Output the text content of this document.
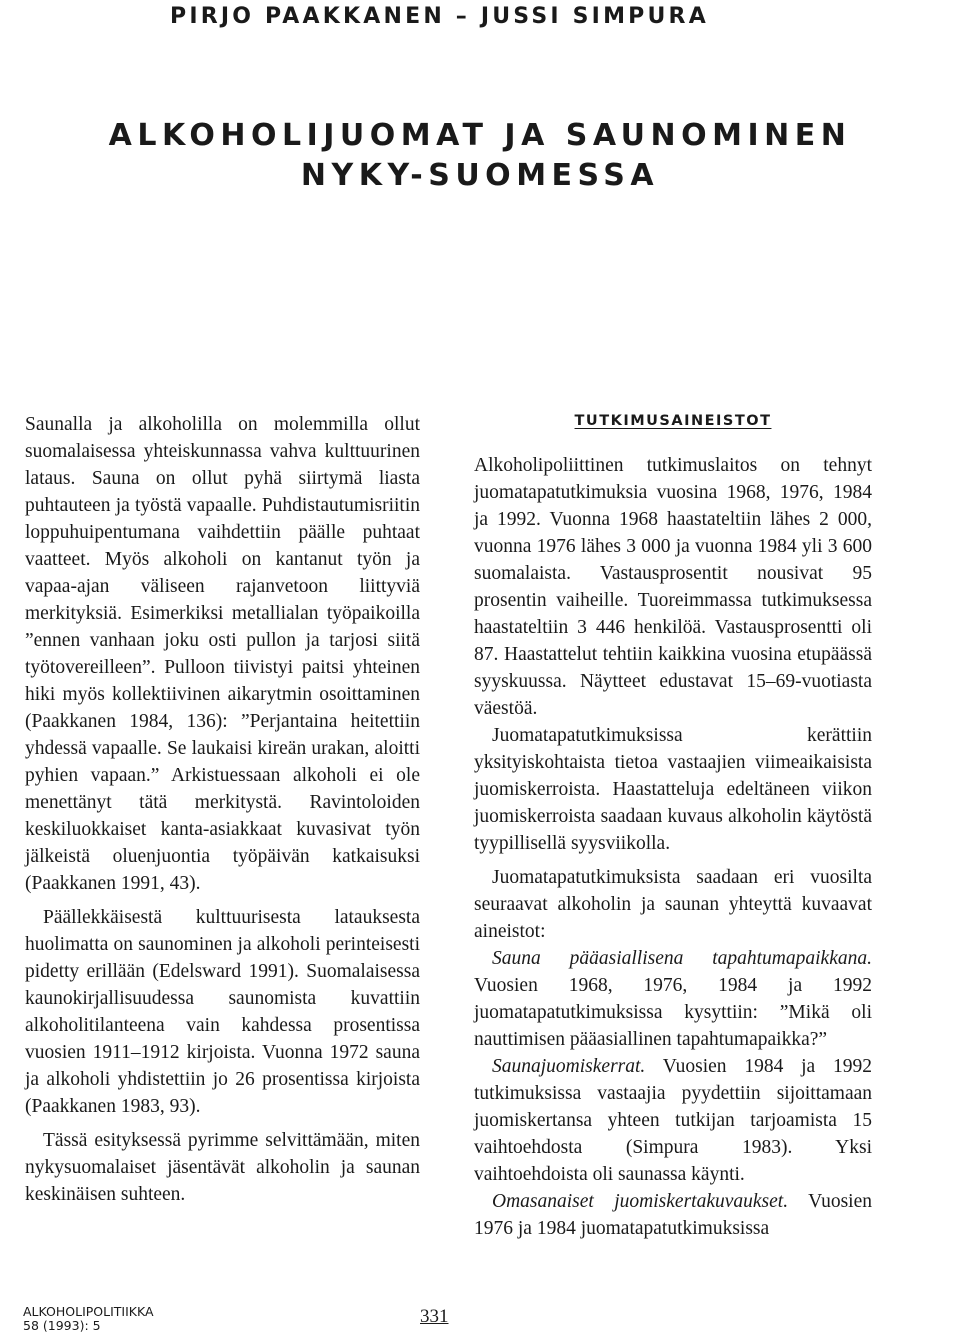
PIRJO PAAKKANEN – JUSSI SIMPURA

ALKOHOLIJUOMAT JA SAUNOMINEN
NYKY-SUOMESSA

Saunalla ja alkoholilla on molemmilla ollut suomalaisessa yhteiskunnassa vahva kulttuurinen lataus. Sauna on ollut pyhä siirtymä liasta puhtauteen ja työstä vapaalle. Puhdistautumisriitin loppuhuipentumana vaihdettiin päälle puhtaat vaatteet. Myös alkoholi on kantanut työn ja vapaa-ajan väliseen rajanvetoon liittyviä merkityksiä. Esimerkiksi metallialan työpaikoilla ”ennen vanhaan joku osti pullon ja tarjosi siitä työtovereilleen”. Pulloon tiivistyi paitsi yhteinen hiki myös kollektiivinen aikarytmin osoittaminen (Paakkanen 1984, 136): ”Perjantaina heitettiin yhdessä vapaalle. Se laukaisi kireän urakan, aloitti pyhien vapaan.” Arkistuessaan alkoholi ei ole menettänyt tätä merkitystä. Ravintoloiden keskiluokkaiset kanta-asiakkaat kuvasivat työn jälkeistä oluenjuontia työpäivän katkaisuksi (Paakkanen 1991, 43).

Päällekkäisestä kulttuurisesta latauksesta huolimatta on saunominen ja alkoholi perinteisesti pidetty erillään (Edelsward 1991). Suomalaisessa kaunokirjallisuudessa saunomista kuvattiin alkoholitilanteena vain kahdessa prosentissa vuosien 1911–1912 kirjoista. Vuonna 1972 sauna ja alkoholi yhdistettiin jo 26 prosentissa kirjoista (Paakkanen 1983, 93).

Tässä esityksessä pyrimme selvittämään, miten nykysuomalaiset jäsentävät alkoholin ja saunan keskinäisen suhteen.

TUTKIMUSAINEISTOT

Alkoholipoliittinen tutkimuslaitos on tehnyt juomatapatutkimuksia vuosina 1968, 1976, 1984 ja 1992. Vuonna 1968 haastateltiin lähes 2 000, vuonna 1976 lähes 3 000 ja vuonna 1984 yli 3 600 suomalaista. Vastausprosentit nousivat 95 prosentin vaiheille. Tuoreimmassa tutkimuksessa haastateltiin 3 446 henkilöä. Vastausprosentti oli 87. Haastattelut tehtiin kaikkina vuosina etupäässä syyskuussa. Näytteet edustavat 15–69-vuotiasta väestöä.

Juomatapatutkimuksissa kerättiin yksityiskohtaista tietoa vastaajien viimeaikaisista juomiskerroista. Haastatteluja edeltäneen viikon juomiskerroista saadaan kuvaus alkoholin käytöstä tyypillisellä syysviikolla.

Juomatapatutkimuksista saadaan eri vuosilta seuraavat alkoholin ja saunan yhteyttä kuvaavat aineistot:

Sauna pääasiallisena tapahtumapaikkana. Vuosien 1968, 1976, 1984 ja 1992 juomatapatutkimuksissa kysyttiin: ”Mikä oli nauttimisen pääasiallinen tapahtumapaikka?”

Saunajuomiskerrat. Vuosien 1984 ja 1992 tutkimuksissa vastaajia pyydettiin sijoittamaan juomiskertansa yhteen tutkijan tarjoamista 15 vaihtoehdosta (Simpura 1983). Yksi vaihtoehdoista oli saunassa käynti.

Omasanaiset juomiskertakuvaukset. Vuosien 1976 ja 1984 juomatapatutkimuksissa

ALKOHOLIPOLITIIKKA
58 (1993): 5	331
